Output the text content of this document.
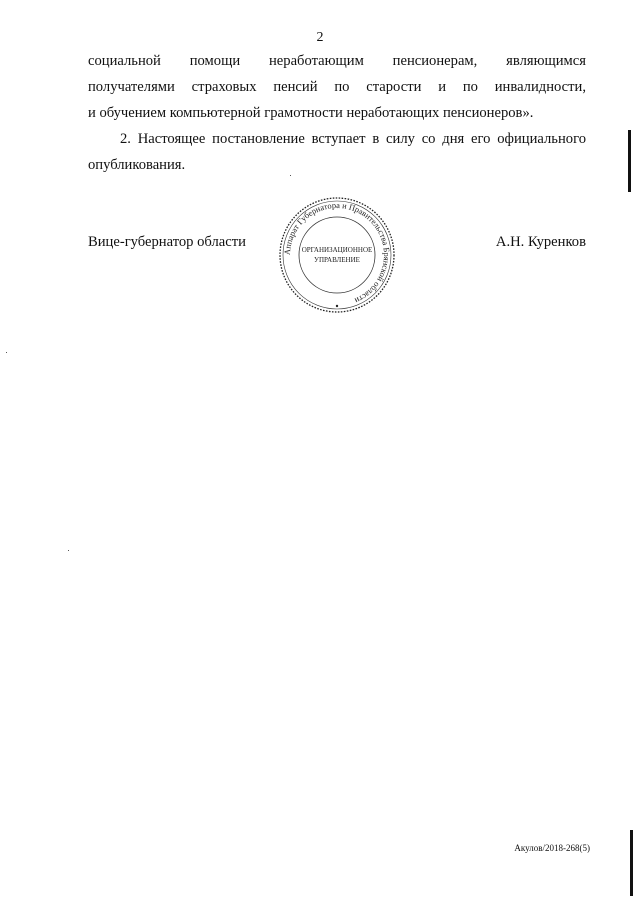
2
социальной помощи неработающим пенсионерам, являющимся
получателями страховых пенсий по старости и по инвалидности,
и обучением компьютерной грамотности неработающих пенсионеров».
2. Настоящее постановление вступает в силу со дня его официального
опубликования.
Вице-губернатор области	А.Н. Куренков
Аппарат Губернатора и Правительства Брянской области
ОРГАНИЗАЦИОННОЕ
УПРАВЛЕНИЕ
Акулов/2018-268(5)
